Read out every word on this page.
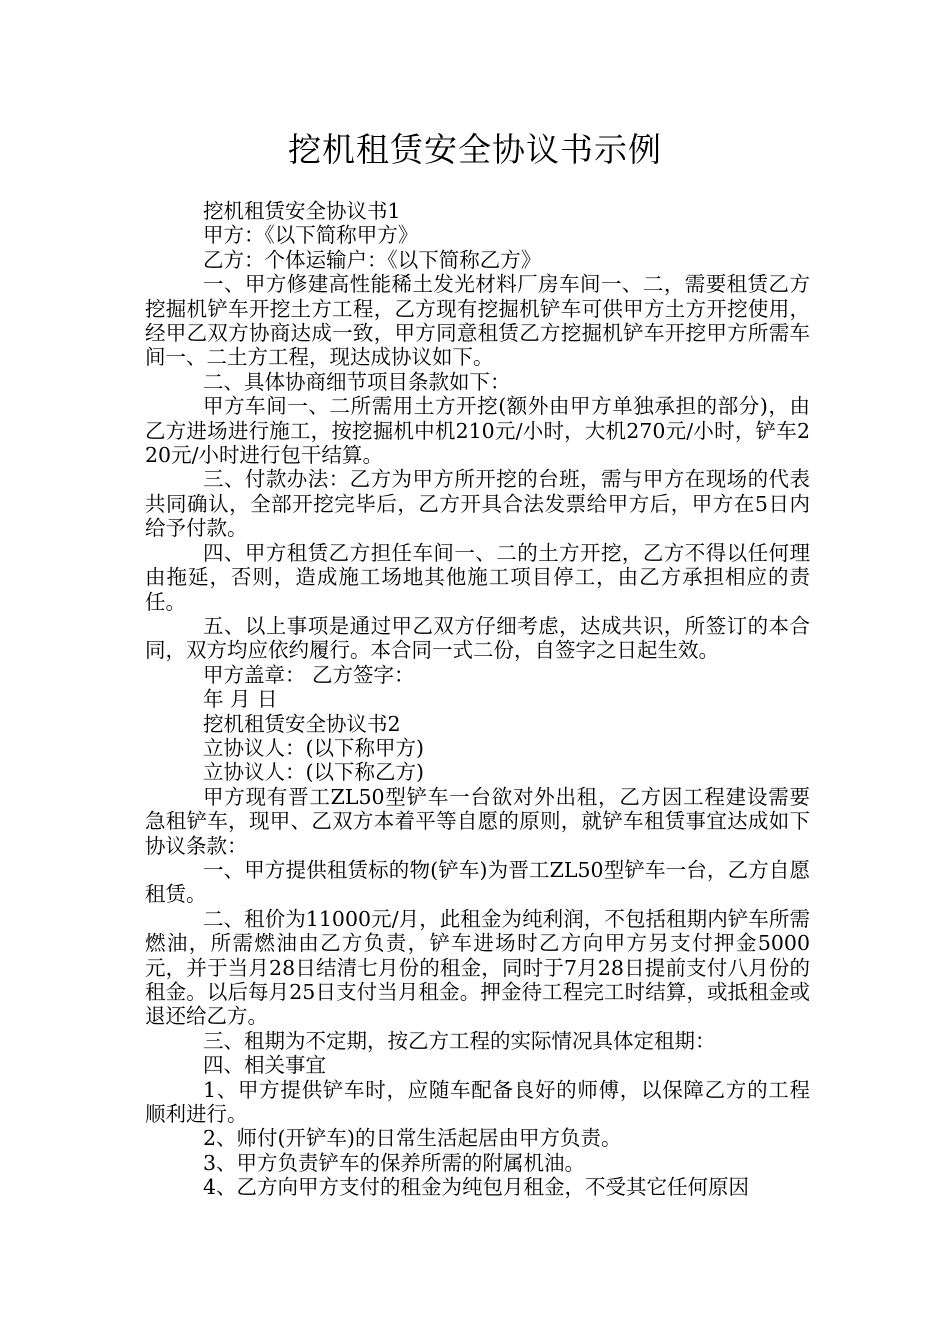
挖机租赁安全协议书示例

挖机租赁安全协议书1

甲方：《以下简称甲方》

乙方：个体运输户：《以下简称乙方》

一、甲方修建高性能稀土发光材料厂房车间一、二，需要租赁乙方挖掘机铲车开挖土方工程，乙方现有挖掘机铲车可供甲方土方开挖使用，经甲乙双方协商达成一致，甲方同意租赁乙方挖掘机铲车开挖甲方所需车间一、二土方工程，现达成协议如下。

二、具体协商细节项目条款如下：

甲方车间一、二所需用土方开挖(额外由甲方单独承担的部分)，由乙方进场进行施工，按挖掘机中机210元/小时，大机270元/小时，铲车220元/小时进行包干结算。

三、付款办法：乙方为甲方所开挖的台班，需与甲方在现场的代表共同确认，全部开挖完毕后，乙方开具合法发票给甲方后，甲方在5日内给予付款。

四、甲方租赁乙方担任车间一、二的土方开挖，乙方不得以任何理由拖延，否则，造成施工场地其他施工项目停工，由乙方承担相应的责任。

五、以上事项是通过甲乙双方仔细考虑，达成共识，所签订的本合同，双方均应依约履行。本合同一式二份，自签字之日起生效。

甲方盖章： 乙方签字：

年 月 日

挖机租赁安全协议书2

立协议人：(以下称甲方)

立协议人：(以下称乙方)

甲方现有晋工ZL50型铲车一台欲对外出租，乙方因工程建设需要急租铲车，现甲、乙双方本着平等自愿的原则，就铲车租赁事宜达成如下协议条款：

一、甲方提供租赁标的物(铲车)为晋工ZL50型铲车一台，乙方自愿租赁。

二、租价为11000元/月，此租金为纯利润，不包括租期内铲车所需燃油，所需燃油由乙方负责，铲车进场时乙方向甲方另支付押金5000元，并于当月28日结清七月份的租金，同时于7月28日提前支付八月份的租金。以后每月25日支付当月租金。押金待工程完工时结算，或抵租金或退还给乙方。

三、租期为不定期，按乙方工程的实际情况具体定租期：

四、相关事宜

1、甲方提供铲车时，应随车配备良好的师傅，以保障乙方的工程顺利进行。

2、师付(开铲车)的日常生活起居由甲方负责。

3、甲方负责铲车的保养所需的附属机油。

4、乙方向甲方支付的租金为纯包月租金，不受其它任何原因
